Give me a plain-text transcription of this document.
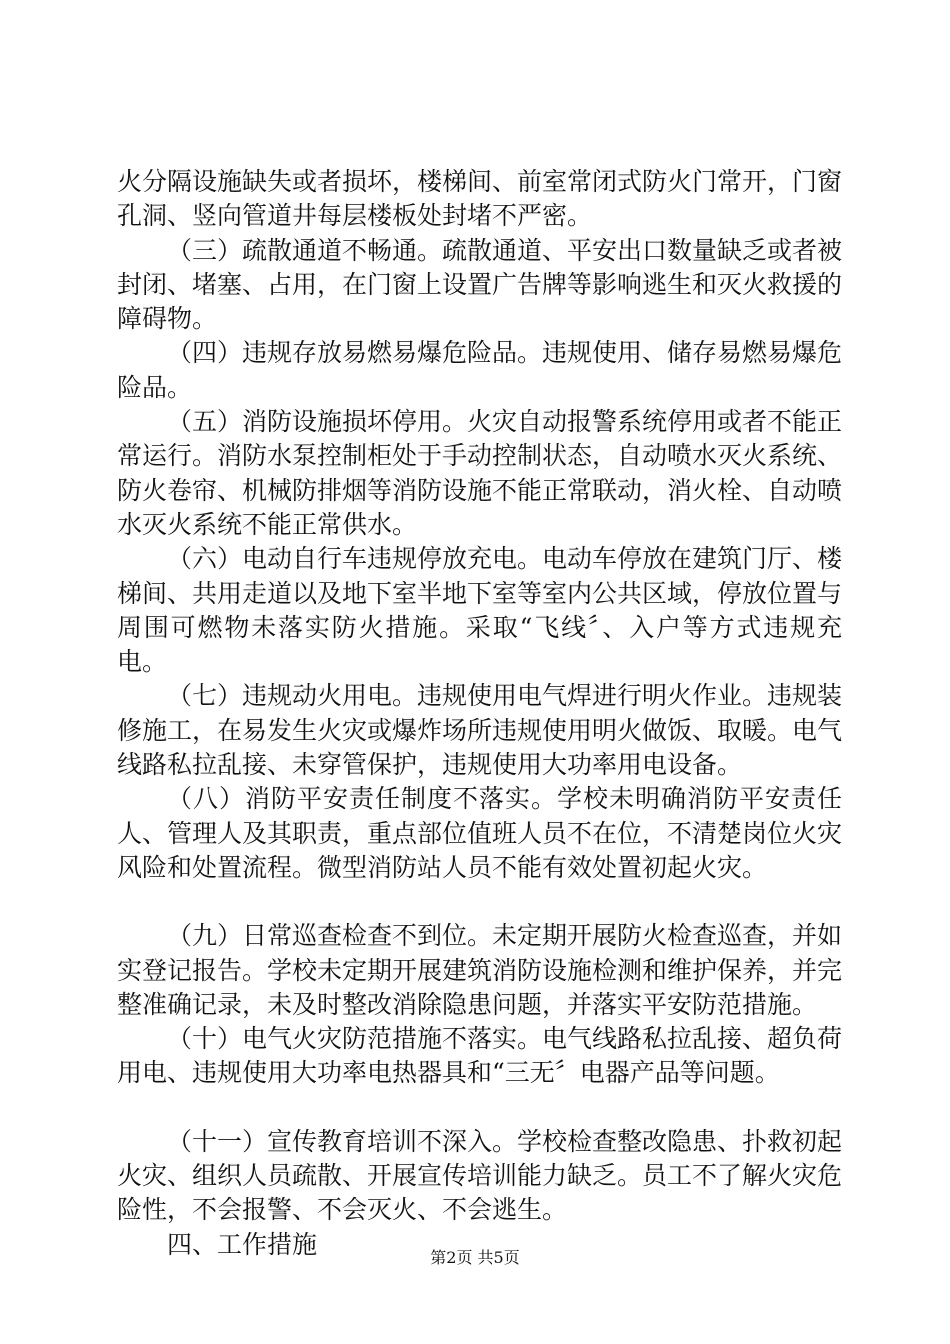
火分隔设施缺失或者损坏，楼梯间、前室常闭式防火门常开，门窗孔洞、竖向管道井每层楼板处封堵不严密。

（三）疏散通道不畅通。疏散通道、平安出口数量缺乏或者被封闭、堵塞、占用，在门窗上设置广告牌等影响逃生和灭火救援的障碍物。

（四）违规存放易燃易爆危险品。违规使用、储存易燃易爆危险品。

（五）消防设施损坏停用。火灾自动报警系统停用或者不能正常运行。消防水泵控制柜处于手动控制状态，自动喷水灭火系统、防火卷帘、机械防排烟等消防设施不能正常联动，消火栓、自动喷水灭火系统不能正常供水。

（六）电动自行车违规停放充电。电动车停放在建筑门厅、楼梯间、共用走道以及地下室半地下室等室内公共区域，停放位置与周围可燃物未落实防火措施。采取“飞线〞、入户等方式违规充电。

（七）违规动火用电。违规使用电气焊进行明火作业。违规装修施工，在易发生火灾或爆炸场所违规使用明火做饭、取暖。电气线路私拉乱接、未穿管保护，违规使用大功率用电设备。

（八）消防平安责任制度不落实。学校未明确消防平安责任人、管理人及其职责，重点部位值班人员不在位，不清楚岗位火灾风险和处置流程。微型消防站人员不能有效处置初起火灾。

（九）日常巡查检查不到位。未定期开展防火检查巡查，并如实登记报告。学校未定期开展建筑消防设施检测和维护保养，并完整准确记录，未及时整改消除隐患问题，并落实平安防范措施。

（十）电气火灾防范措施不落实。电气线路私拉乱接、超负荷用电、违规使用大功率电热器具和“三无〞电器产品等问题。

（十一）宣传教育培训不深入。学校检查整改隐患、扑救初起火灾、组织人员疏散、开展宣传培训能力缺乏。员工不了解火灾危险性，不会报警、不会灭火、不会逃生。

四、工作措施	第2页 共5页
